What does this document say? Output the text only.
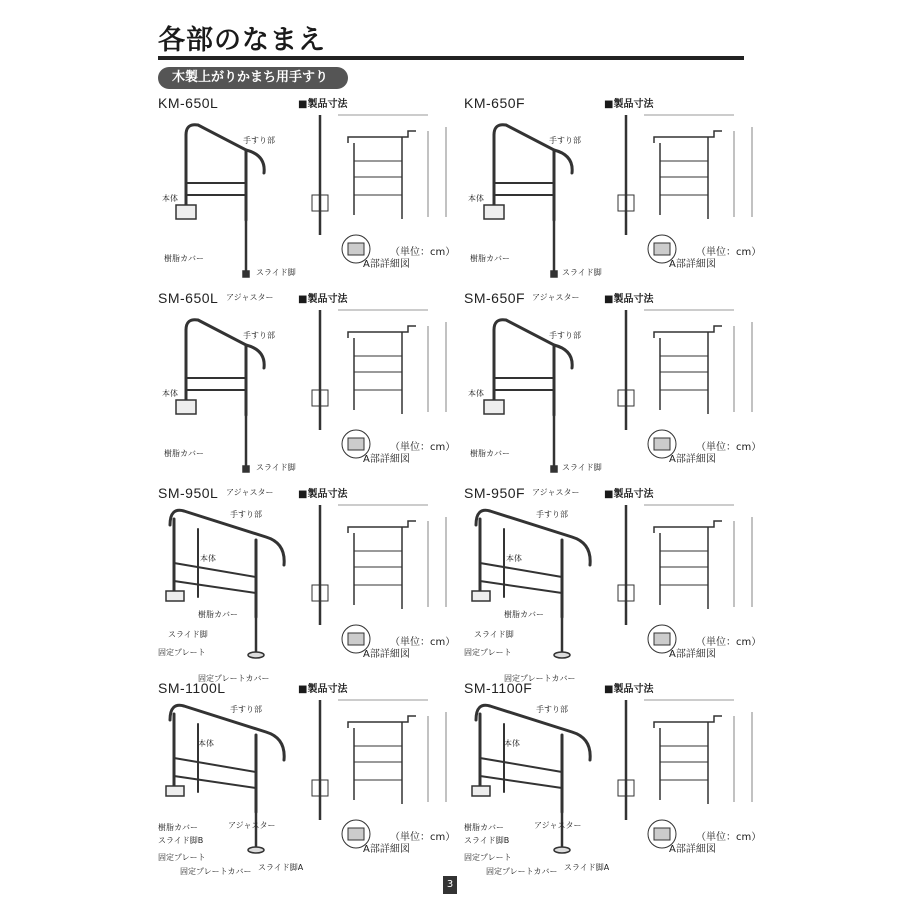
各部のなまえ
木製上がりかまち用手すり
KM-650L	■製品寸法
（単位：cm）
A部詳細図
手すり部
本体
樹脂カバー
スライド脚
アジャスター
KM-650F	■製品寸法
（単位：cm）
A部詳細図
手すり部
本体
樹脂カバー
スライド脚
アジャスター
SM-650L	■製品寸法
（単位：cm）
A部詳細図
手すり部
本体
樹脂カバー
スライド脚
アジャスター
SM-650F	■製品寸法
（単位：cm）
A部詳細図
手すり部
本体
樹脂カバー
スライド脚
アジャスター
SM-950L	■製品寸法
（単位：cm）
A部詳細図
手すり部
本体
樹脂カバー
スライド脚
固定プレート
固定プレートカバー
SM-950F	■製品寸法
（単位：cm）
A部詳細図
手すり部
本体
樹脂カバー
スライド脚
固定プレート
固定プレートカバー
SM-1100L	■製品寸法
（単位：cm）
A部詳細図
手すり部
本体
樹脂カバー
スライド脚B
アジャスター
固定プレート
固定プレートカバー スライド脚A
SM-1100F	■製品寸法
（単位：cm）
A部詳細図
手すり部
本体
樹脂カバー
スライド脚B
アジャスター
固定プレート
固定プレートカバー スライド脚A
3
